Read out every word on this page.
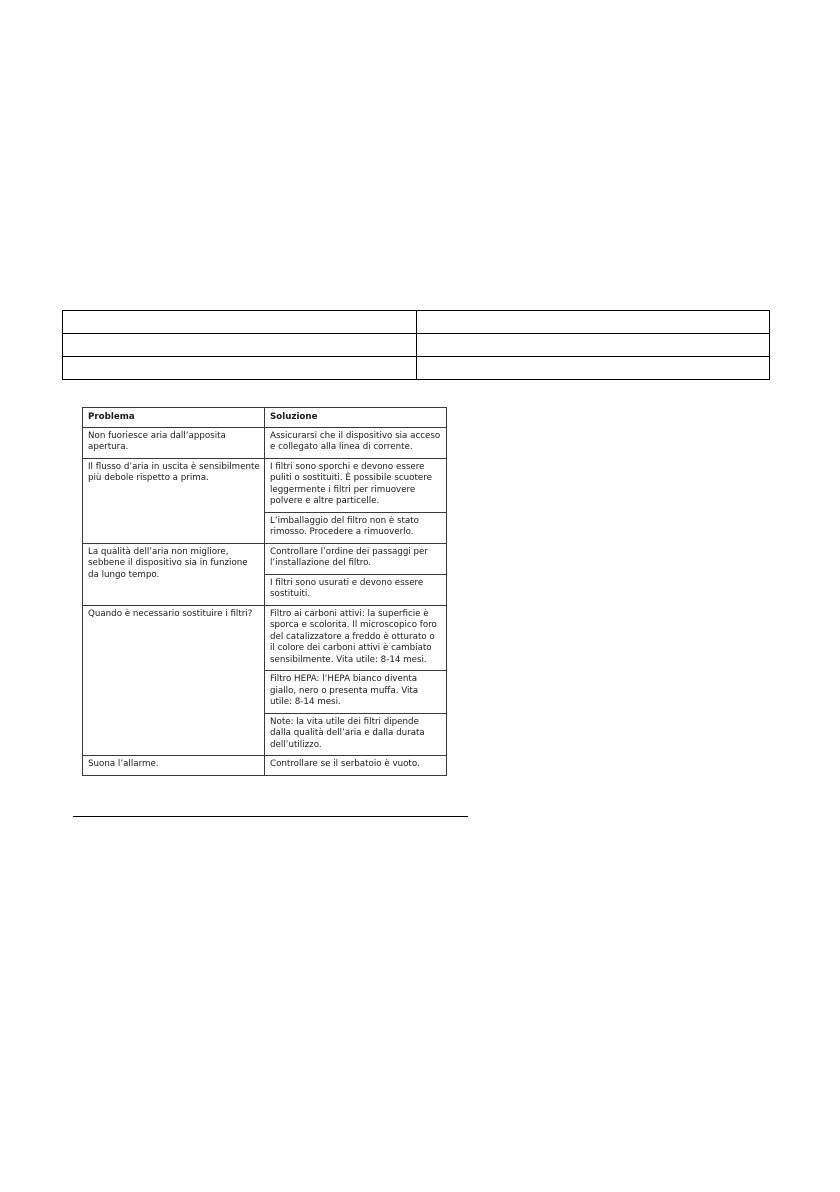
Problema	Soluzione
Non fuoriesce aria dall’apposita apertura.	Assicurarsi che il dispositivo sia acceso e collegato alla linea di corrente.
Il flusso d’aria in uscita è sensibilmente più debole rispetto a prima.	I filtri sono sporchi e devono essere puliti o sostituiti. È possibile scuotere leggermente i filtri per rimuovere polvere e altre particelle.
	L’imballaggio del filtro non è stato rimosso. Procedere a rimuoverlo.
La qualità dell’aria non migliore, sebbene il dispositivo sia in funzione da lungo tempo.	Controllare l’ordine dei passaggi per l’installazione del filtro.
	I filtri sono usurati e devono essere sostituiti.
Quando è necessario sostituire i filtri?	Filtro ai carboni attivi: la superficie è sporca e scolorita. Il microscopico foro del catalizzatore a freddo è otturato o il colore dei carboni attivi è cambiato sensibilmente. Vita utile: 8-14 mesi.
	Filtro HEPA: l’HEPA bianco diventa giallo, nero o presenta muffa. Vita utile: 8-14 mesi.
	Note: la vita utile dei filtri dipende dalla qualità dell’aria e dalla durata dell’utilizzo.
Suona l’allarme.	Controllare se il serbatoio è vuoto.
